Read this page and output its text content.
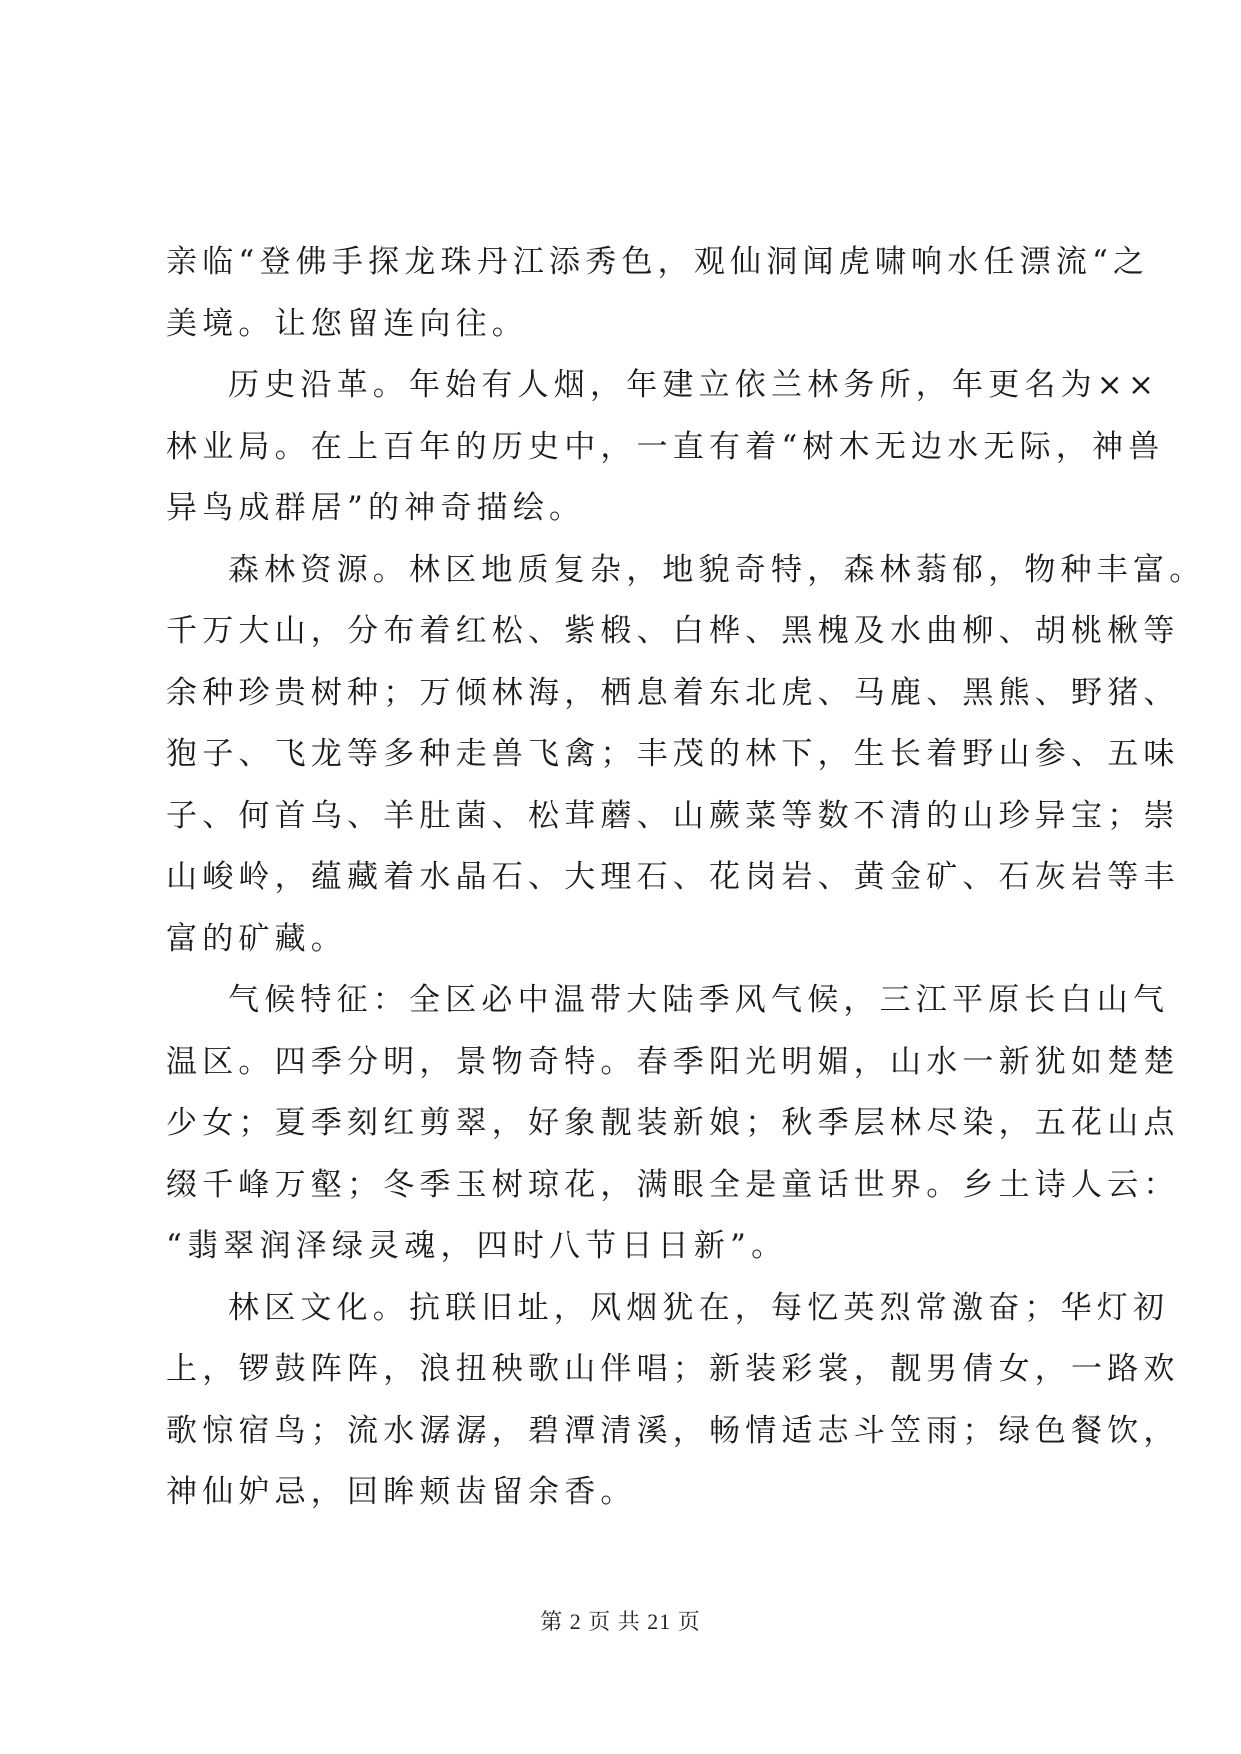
亲临“登佛手探龙珠丹江添秀色，观仙洞闻虎啸响水任漂流“之
美境。让您留连向往。
历史沿革。年始有人烟，年建立依兰林务所，年更名为××
林业局。在上百年的历史中，一直有着“树木无边水无际，神兽
异鸟成群居”的神奇描绘。
森林资源。林区地质复杂，地貌奇特，森林蓊郁，物种丰富。
千万大山，分布着红松、紫椴、白桦、黑槐及水曲柳、胡桃楸等
余种珍贵树种；万倾林海，栖息着东北虎、马鹿、黑熊、野猪、
狍子、飞龙等多种走兽飞禽；丰茂的林下，生长着野山参、五味
子、何首乌、羊肚菌、松茸蘑、山蕨菜等数不清的山珍异宝；崇
山峻岭，蕴藏着水晶石、大理石、花岗岩、黄金矿、石灰岩等丰
富的矿藏。
气候特征：全区必中温带大陆季风气候，三江平原长白山气
温区。四季分明，景物奇特。春季阳光明媚，山水一新犹如楚楚
少女；夏季刻红剪翠，好象靓装新娘；秋季层林尽染，五花山点
缀千峰万壑；冬季玉树琼花，满眼全是童话世界。乡土诗人云：
“翡翠润泽绿灵魂，四时八节日日新”。
林区文化。抗联旧址，风烟犹在，每忆英烈常激奋；华灯初
上，锣鼓阵阵，浪扭秧歌山伴唱；新装彩裳，靓男倩女，一路欢
歌惊宿鸟；流水潺潺，碧潭清溪，畅情适志斗笠雨；绿色餐饮，
神仙妒忌，回眸颊齿留余香。
第 2 页 共 21 页
